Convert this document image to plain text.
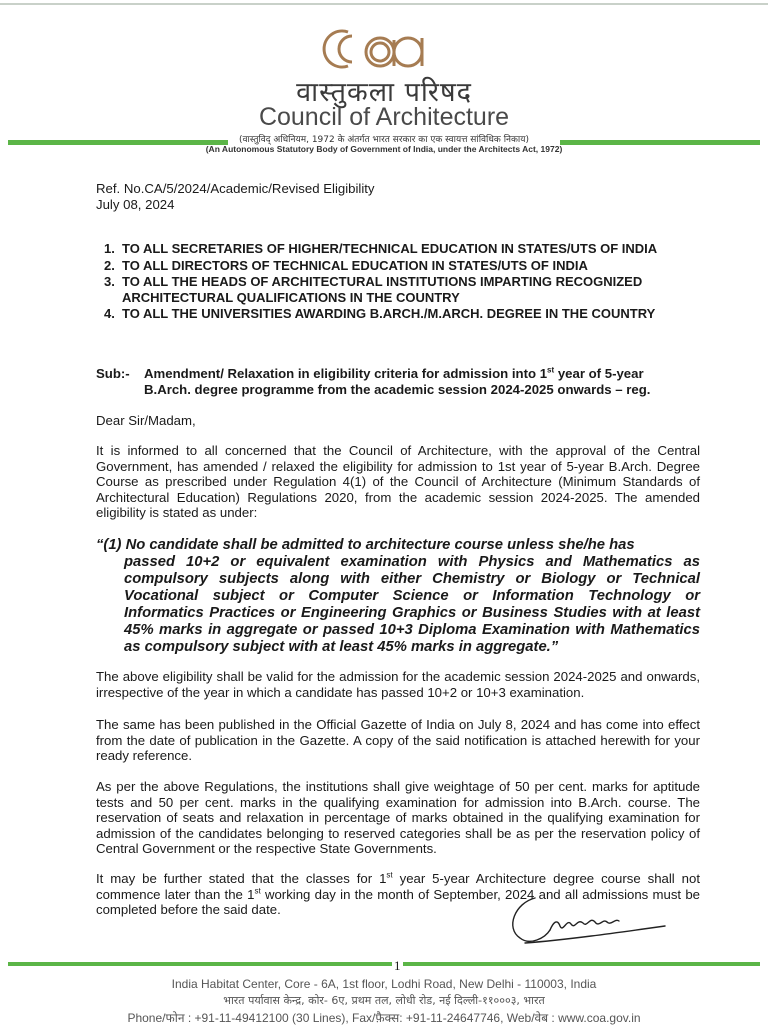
वास्तुकला परिषद
Council of Architecture
(वास्तुविद् अधिनियम, 1972 के अंतर्गत भारत सरकार का एक स्वायत्त सांविधिक निकाय)
(An Autonomous Statutory Body of Government of India, under the Architects Act, 1972)
Ref. No.CA/5/2024/Academic/Revised Eligibility
July 08, 2024
1. TO ALL SECRETARIES OF HIGHER/TECHNICAL EDUCATION IN STATES/UTS OF INDIA
2. TO ALL DIRECTORS OF TECHNICAL EDUCATION IN STATES/UTS OF INDIA
3. TO ALL THE HEADS OF ARCHITECTURAL INSTITUTIONS IMPARTING RECOGNIZED ARCHITECTURAL QUALIFICATIONS IN THE COUNTRY
4. TO ALL THE UNIVERSITIES AWARDING B.ARCH./M.ARCH. DEGREE IN THE COUNTRY
Sub:- Amendment/ Relaxation in eligibility criteria for admission into 1st year of 5-year
B.Arch. degree programme from the academic session 2024-2025 onwards – reg.
Dear Sir/Madam,
It is informed to all concerned that the Council of Architecture, with the approval of the Central Government, has amended / relaxed the eligibility for admission to 1st year of 5-year B.Arch. Degree Course as prescribed under Regulation 4(1) of the Council of Architecture (Minimum Standards of Architectural Education) Regulations 2020, from the academic session 2024-2025. The amended eligibility is stated as under:
“(1) No candidate shall be admitted to architecture course unless she/he has
passed 10+2 or equivalent examination with Physics and Mathematics as compulsory subjects along with either Chemistry or Biology or Technical Vocational subject or Computer Science or Information Technology or Informatics Practices or Engineering Graphics or Business Studies with at least 45% marks in aggregate or passed 10+3 Diploma Examination with Mathematics as compulsory subject with at least 45% marks in aggregate.”
The above eligibility shall be valid for the admission for the academic session 2024-2025 and onwards, irrespective of the year in which a candidate has passed 10+2 or 10+3 examination.
The same has been published in the Official Gazette of India on July 8, 2024 and has come into effect from the date of publication in the Gazette. A copy of the said notification is attached herewith for your ready reference.
As per the above Regulations, the institutions shall give weightage of 50 per cent. marks for aptitude tests and 50 per cent. marks in the qualifying examination for admission into B.Arch. course. The reservation of seats and relaxation in percentage of marks obtained in the qualifying examination for admission of the candidates belonging to reserved categories shall be as per the reservation policy of Central Government or the respective State Governments.
It may be further stated that the classes for 1st year 5-year Architecture degree course shall not commence later than the 1st working day in the month of September, 2024 and all admissions must be completed before the said date.
1
India Habitat Center, Core - 6A, 1st floor, Lodhi Road, New Delhi - 110003, India
भारत पर्यावास केन्द्र, कोर- 6ए, प्रथम तल, लोधी रोड, नई दिल्ली-११०००३, भारत
Phone/फोन : +91-11-49412100 (30 Lines), Fax/फ़ैक्स: +91-11-24647746, Web/वेब : www.coa.gov.in
